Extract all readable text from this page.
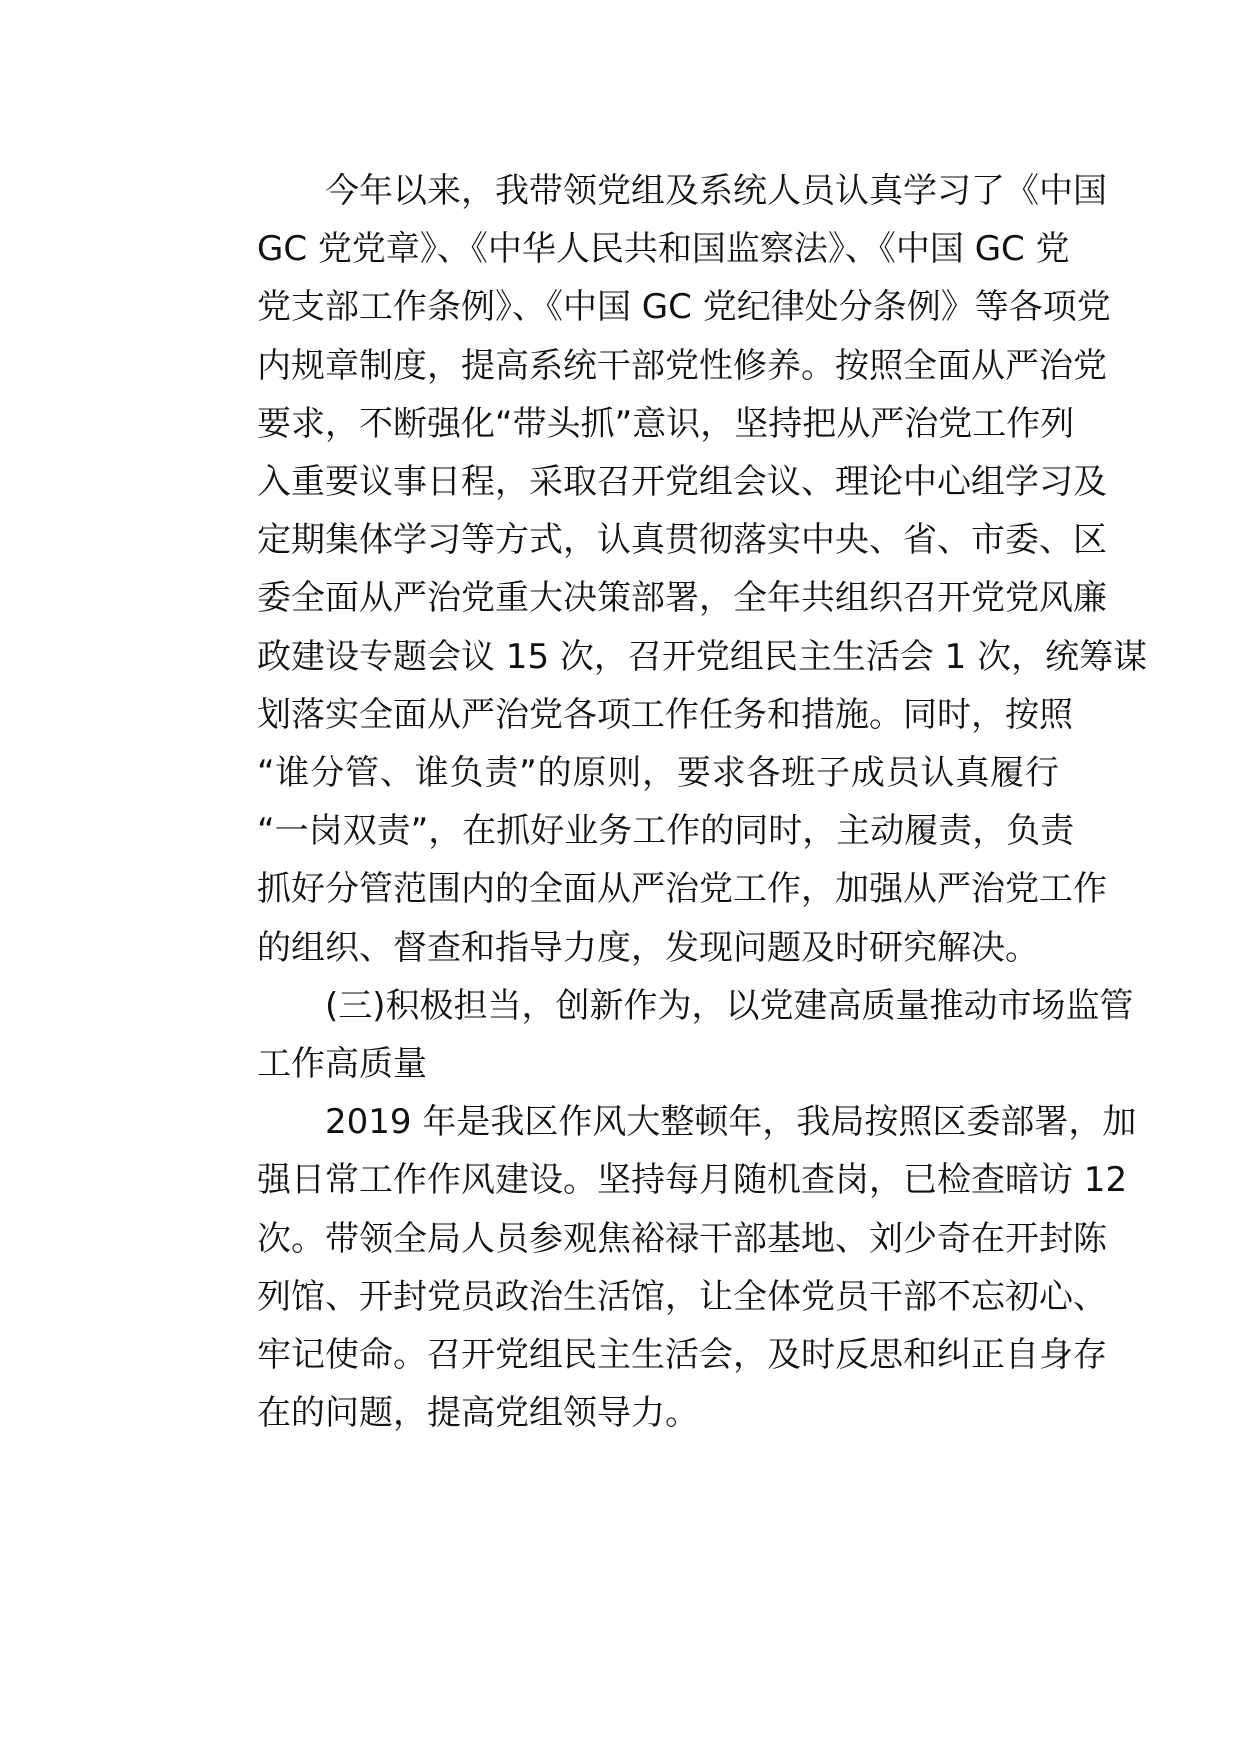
今年以来，我带领党组及系统人员认真学习了《中国
GC 党党章》、《中华人民共和国监察法》、《中国 GC 党
党支部工作条例》、《中国 GC 党纪律处分条例》等各项党
内规章制度，提高系统干部党性修养。按照全面从严治党
要求，不断强化“带头抓”意识，坚持把从严治党工作列
入重要议事日程，采取召开党组会议、理论中心组学习及
定期集体学习等方式，认真贯彻落实中央、省、市委、区
委全面从严治党重大决策部署，全年共组织召开党党风廉
政建设专题会议 15 次，召开党组民主生活会 1 次，统筹谋
划落实全面从严治党各项工作任务和措施。同时，按照
“谁分管、谁负责”的原则，要求各班子成员认真履行
“一岗双责”，在抓好业务工作的同时，主动履责，负责
抓好分管范围内的全面从严治党工作，加强从严治党工作
的组织、督查和指导力度，发现问题及时研究解决。
(三)积极担当，创新作为，以党建高质量推动市场监管
工作高质量
2019 年是我区作风大整顿年，我局按照区委部署，加
强日常工作作风建设。坚持每月随机查岗，已检查暗访 12
次。带领全局人员参观焦裕禄干部基地、刘少奇在开封陈
列馆、开封党员政治生活馆，让全体党员干部不忘初心、
牢记使命。召开党组民主生活会，及时反思和纠正自身存
在的问题，提高党组领导力。
